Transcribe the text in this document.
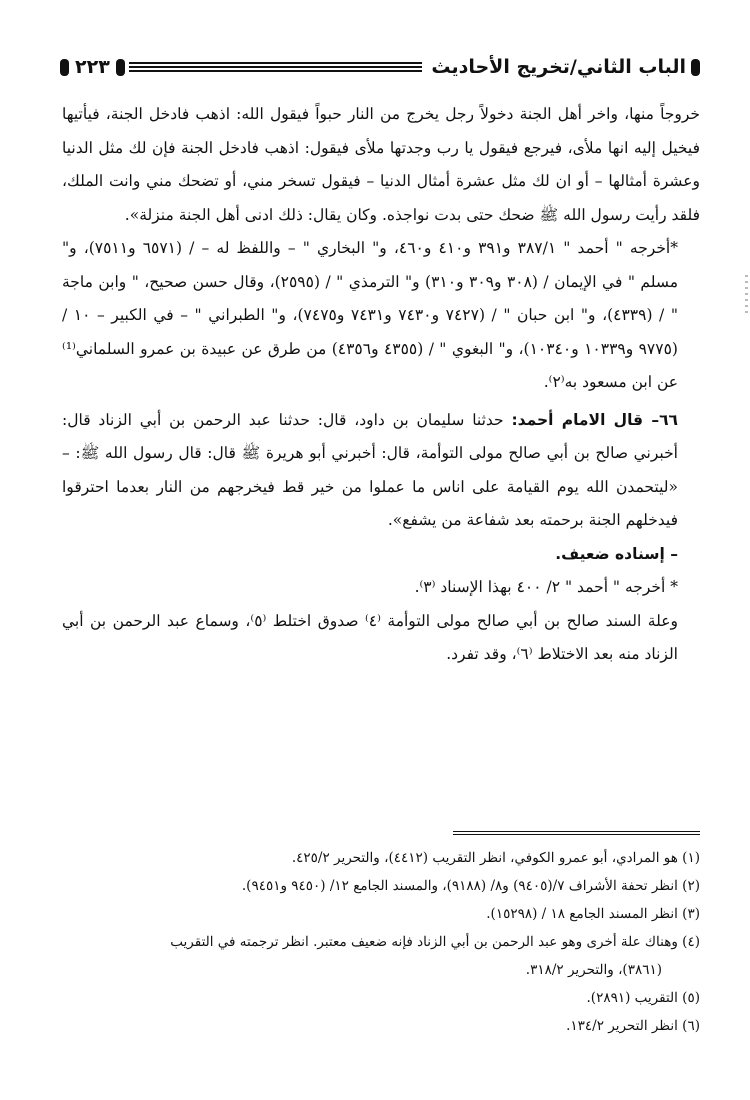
الباب الثاني/تخريج الأحاديث
٢٢٣

خروجاً منها، واخر أهل الجنة دخولاً رجل يخرج من النار حبواً فيقول الله: اذهب فادخل الجنة، فيأتيها فيخيل إليه انها ملأى، فيرجع فيقول يا رب وجدتها ملأى فيقول: اذهب فادخل الجنة فإن لك مثل الدنيا وعشرة أمثالها – أو ان لك مثل عشرة أمثال الدنيا – فيقول تسخر مني، أو تضحك مني وانت الملك، فلقد رأيت رسول الله ﷺ ضحك حتى بدت نواجذه. وكان يقال: ذلك ادنى أهل الجنة منزلة».

*أخرجه " أحمد " ٣٨٧/١ و٣٩١ و٤١٠ و٤٦٠، و" البخاري " – واللفظ له – / (٦٥٧١ و٧٥١١)، و" مسلم " في الإيمان / (٣٠٨ و٣٠٩ و٣١٠) و" الترمذي " / (٢٥٩٥)، وقال حسن صحيح، " وابن ماجة " / (٤٣٣٩)، و" ابن حبان " / (٧٤٢٧ و٧٤٣٠ و٧٤٣١ و٧٤٧٥)، و" الطبراني " – في الكبير – ١٠ / (٩٧٧٥ و١٠٣٣٩ و١٠٣٤٠)، و" البغوي " / (٤٣٥٥ و٤٣٥٦) من طرق عن عبيدة بن عمرو السلماني⁽¹⁾ عن ابن مسعود به⁽٢⁾.

٦٦– قال الامام أحمد: حدثنا سليمان بن داود، قال: حدثنا عبد الرحمن بن أبي الزناد قال: أخبرني صالح بن أبي صالح مولى التوأمة، قال: أخبرني أبو هريرة ﷺ قال: قال رسول الله ﷺ: – «ليتحمدن الله يوم القيامة على اناس ما عملوا من خير قط فيخرجهم من النار بعدما احترقوا فيدخلهم الجنة برحمته بعد شفاعة من يشفع».

– إسناده ضعيف.

* أخرجه " أحمد " ٢/ ٤٠٠ بهذا الإسناد ⁽٣⁾.

وعلة السند صالح بن أبي صالح مولى التوأمة ⁽٤⁾ صدوق اختلط ⁽٥⁾، وسماع عبد الرحمن بن أبي الزناد منه بعد الاختلاط ⁽٦⁾، وقد تفرد.

(١) هو المرادي، أبو عمرو الكوفي، انظر التقريب (٤٤١٢)، والتحرير ٤٢٥/٢.

(٢) انظر تحفة الأشراف ٧/(٩٤٠٥) و٨/ (٩١٨٨)، والمسند الجامع ١٢/ (٩٤٥٠ و٩٤٥١).

(٣) انظر المسند الجامع ١٨ / (١٥٢٩٨).

(٤) وهناك علة أخرى وهو عبد الرحمن بن أبي الزناد فإنه ضعيف معتبر. انظر ترجمته في التقريب

(٣٨٦١)، والتحرير ٣١٨/٢.

(٥) التقريب (٢٨٩١).

(٦) انظر التحرير ١٣٤/٢.
